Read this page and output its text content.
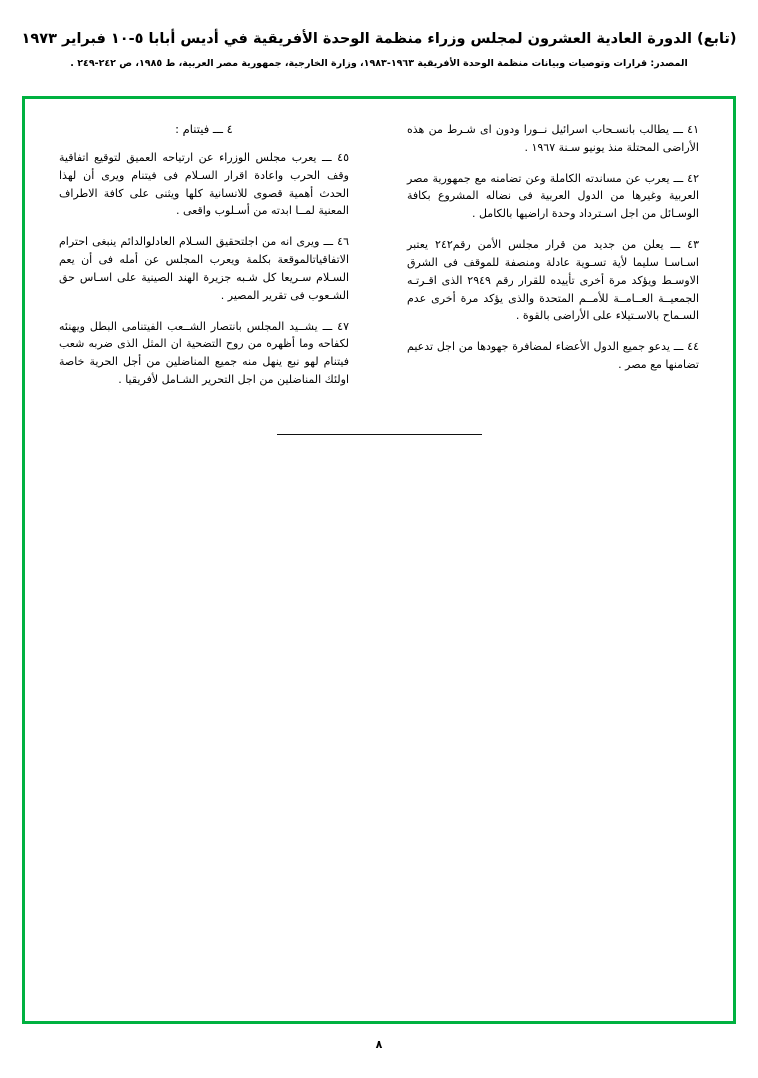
(تابع) الدورة العادية العشرون لمجلس وزراء منظمة الوحدة الأفريقية في أديس أبابا ٥-١٠ فبراير ١٩٧٣
المصدر: قرارات وتوصيات وبيانات منظمة الوحدة الأفريقية ١٩٦٣-١٩٨٣، وزارة الخارجية، جمهورية مصر العربية، ط ١٩٨٥، ص ٢٤٢-٢٤٩ .
٤١ ـــ يطالب بانسـحاب اسرائيل نــورا ودون اى شـرط من هذه الأراضى المحتلة منذ يونيو سـنة ١٩٦٧ .
٤٢ ـــ يعرب عن مساندته الكاملة وعن تضامنه مع جمهورية مصر العربية وغيرها من الدول العربية فى نضاله المشروع بكافة الوسـائل من اجل اسـترداد وحدة اراضيها بالكامل .
٤٣ ـــ يعلن من جديد من قرار مجلس الأمن رقم٢٤٢ يعتبر اسـاسـا سليما لأية تسـوية عادلة ومنصفة للموقف فى الشرق الاوسـط ويؤكد مرة أخرى تأييده للقرار رقم ٢٩٤٩ الذى اقـرتـه الجمعيــة العــامــة للأمــم المتحدة والذى يؤكد مرة أخرى عدم السـماح بالاسـتيلاء على الأراضى بالقوة .
٤٤ ـــ يدعو جميع الدول الأعضاء لمضافرة جهودها من اجل تدعيم تضامنها مع مصر .
٤ ـــ فيتنام :
٤٥ ـــ يعرب مجلس الوزراء عن ارتياحه العميق لتوقيع اتفاقية وقف الحرب واعادة اقرار السـلام فى فيتنام ويرى أن لهذا الحدث أهمية قصوى للانسانية كلها ويثنى على كافة الاطراف المعنية لمــا ابدته من أسـلوب واقعى .
٤٦ ـــ ويرى انه من اجلتحقيق السـلام العادلوالدائم ينبغى احترام الاتفاقياتالموقعة بكلمة ويعرب المجلس عن أمله فى أن يعم السـلام سـريعا كل شـبه جزيرة الهند الصينية على اسـاس حق الشـعوب فى تقرير المصير .
٤٧ ـــ يشــيد المجلس بانتصار الشــعب الفيتنامى البطل ويهنئه لكفاحه وما أظهره من روح التضحية ان المثل الذى ضربه شعب فيتنام لهو نبع ينهل منه جميع المناضلين من أجل الحرية خاصة اولئك المناضلين من اجل التحرير الشـامل لأفريقيا .
٨
